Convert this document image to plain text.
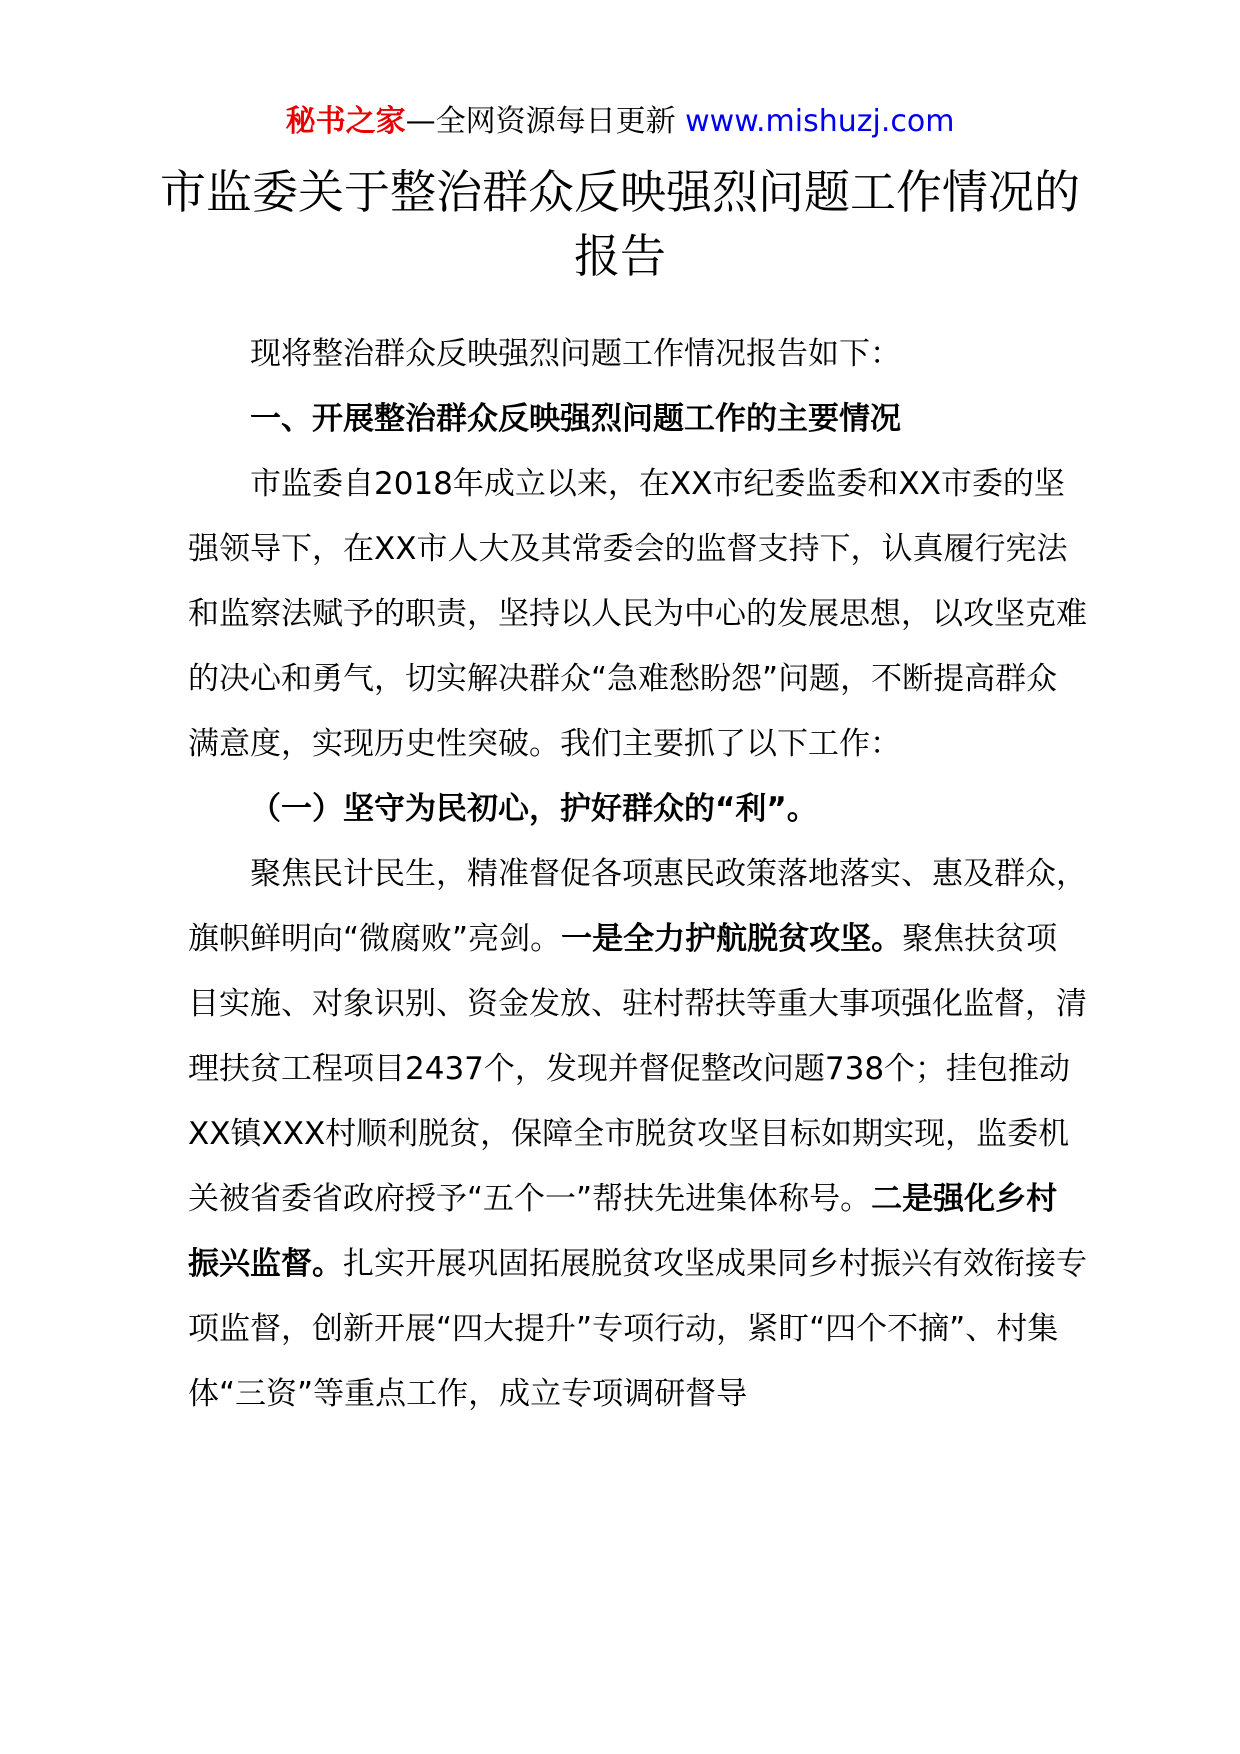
秘书之家—全网资源每日更新 www.mishuzj.com
市监委关于整治群众反映强烈问题工作情况的报告

现将整治群众反映强烈问题工作情况报告如下：

一、开展整治群众反映强烈问题工作的主要情况

市监委自2018年成立以来，在XX市纪委监委和XX市委的坚强领导下，在XX市人大及其常委会的监督支持下，认真履行宪法和监察法赋予的职责，坚持以人民为中心的发展思想，以攻坚克难的决心和勇气，切实解决群众“急难愁盼怨”问题，不断提高群众满意度，实现历史性突破。我们主要抓了以下工作：

（一）坚守为民初心，护好群众的“利”。

聚焦民计民生，精准督促各项惠民政策落地落实、惠及群众，旗帜鲜明向“微腐败”亮剑。一是全力护航脱贫攻坚。聚焦扶贫项目实施、对象识别、资金发放、驻村帮扶等重大事项强化监督，清理扶贫工程项目2437个，发现并督促整改问题738个；挂包推动XX镇XXX村顺利脱贫，保障全市脱贫攻坚目标如期实现，监委机关被省委省政府授予“五个一”帮扶先进集体称号。二是强化乡村振兴监督。扎实开展巩固拓展脱贫攻坚成果同乡村振兴有效衔接专项监督，创新开展“四大提升”专项行动，紧盯“四个不摘”、村集体“三资”等重点工作，成立专项调研督导
